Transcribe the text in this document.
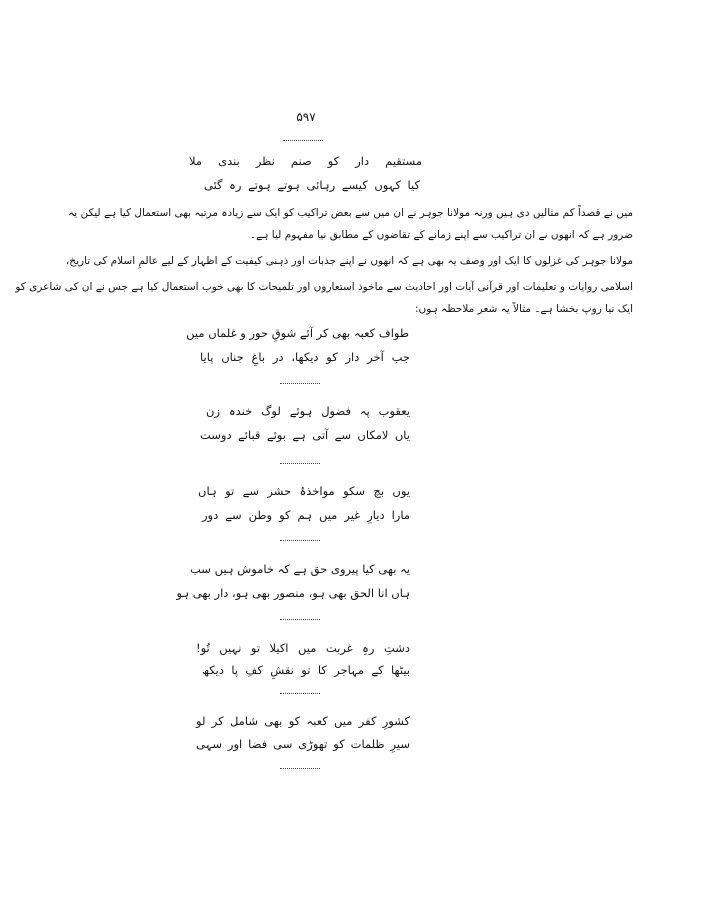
۵۹۷
مستقیم دار کو صنم نظر بندی ملا
کیا کہوں کیسے رہائی ہوتے ہوتے رہ گئی
میں نے قصداً کم مثالیں دی ہیں ورنہ مولانا جوہر نے ان میں سے بعض تراکیب کو ایک سے زیادہ مرتبہ بھی استعمال کیا ہے لیکن یہ
ضرور ہے کہ انھوں نے ان تراکیب سے اپنے زمانے کے تقاضوں کے مطابق نیا مفہوم لیا ہے۔
مولانا جوہر کی غزلوں کا ایک اور وصف یہ بھی ہے کہ انھوں نے اپنے جذبات اور ذہنی کیفیت کے اظہار کے لیے عالمِ اسلام کی تاریخ،
اسلامی روایات و تعلیمات اور قرآنی آیات اور احادیث سے ماخوذ استعاروں اور تلمیحات کا بھی خوب استعمال کیا ہے جس نے ان کی شاعری کو
ایک نیا روپ بخشا ہے۔ مثالاً یہ شعر ملاحظہ ہوں:
طواف کعبہ بھی کر آئے شوقِ حور و غلماں میں
جب آخر دار کو دیکھا، در باغِ جناں پایا
یعقوب پہ فضول ہوئے لوگ خندہ زن
یاں لامکاں سے آتی ہے بوئے قبائے دوست
یوں بچ سکو مواخذۂ حشر سے تو ہاں
مارا دیارِ غیر میں ہم کو وطن سے دور
یہ بھی کیا پیروی حق ہے کہ خاموش ہیں سب
ہاں انا الحق بھی ہو، منصور بھی ہو، دار بھی ہو
دشتِ رہِ غربت میں اکیلا تو نہیں تُو!
بیٹھا کے مہاجر کا تو نقشِ کفِ پا دیکھ
کشورِ کفر میں کعبہ کو بھی شامل کر لو
سیرِ ظلمات کو تھوڑی سی فضا اور سہی
